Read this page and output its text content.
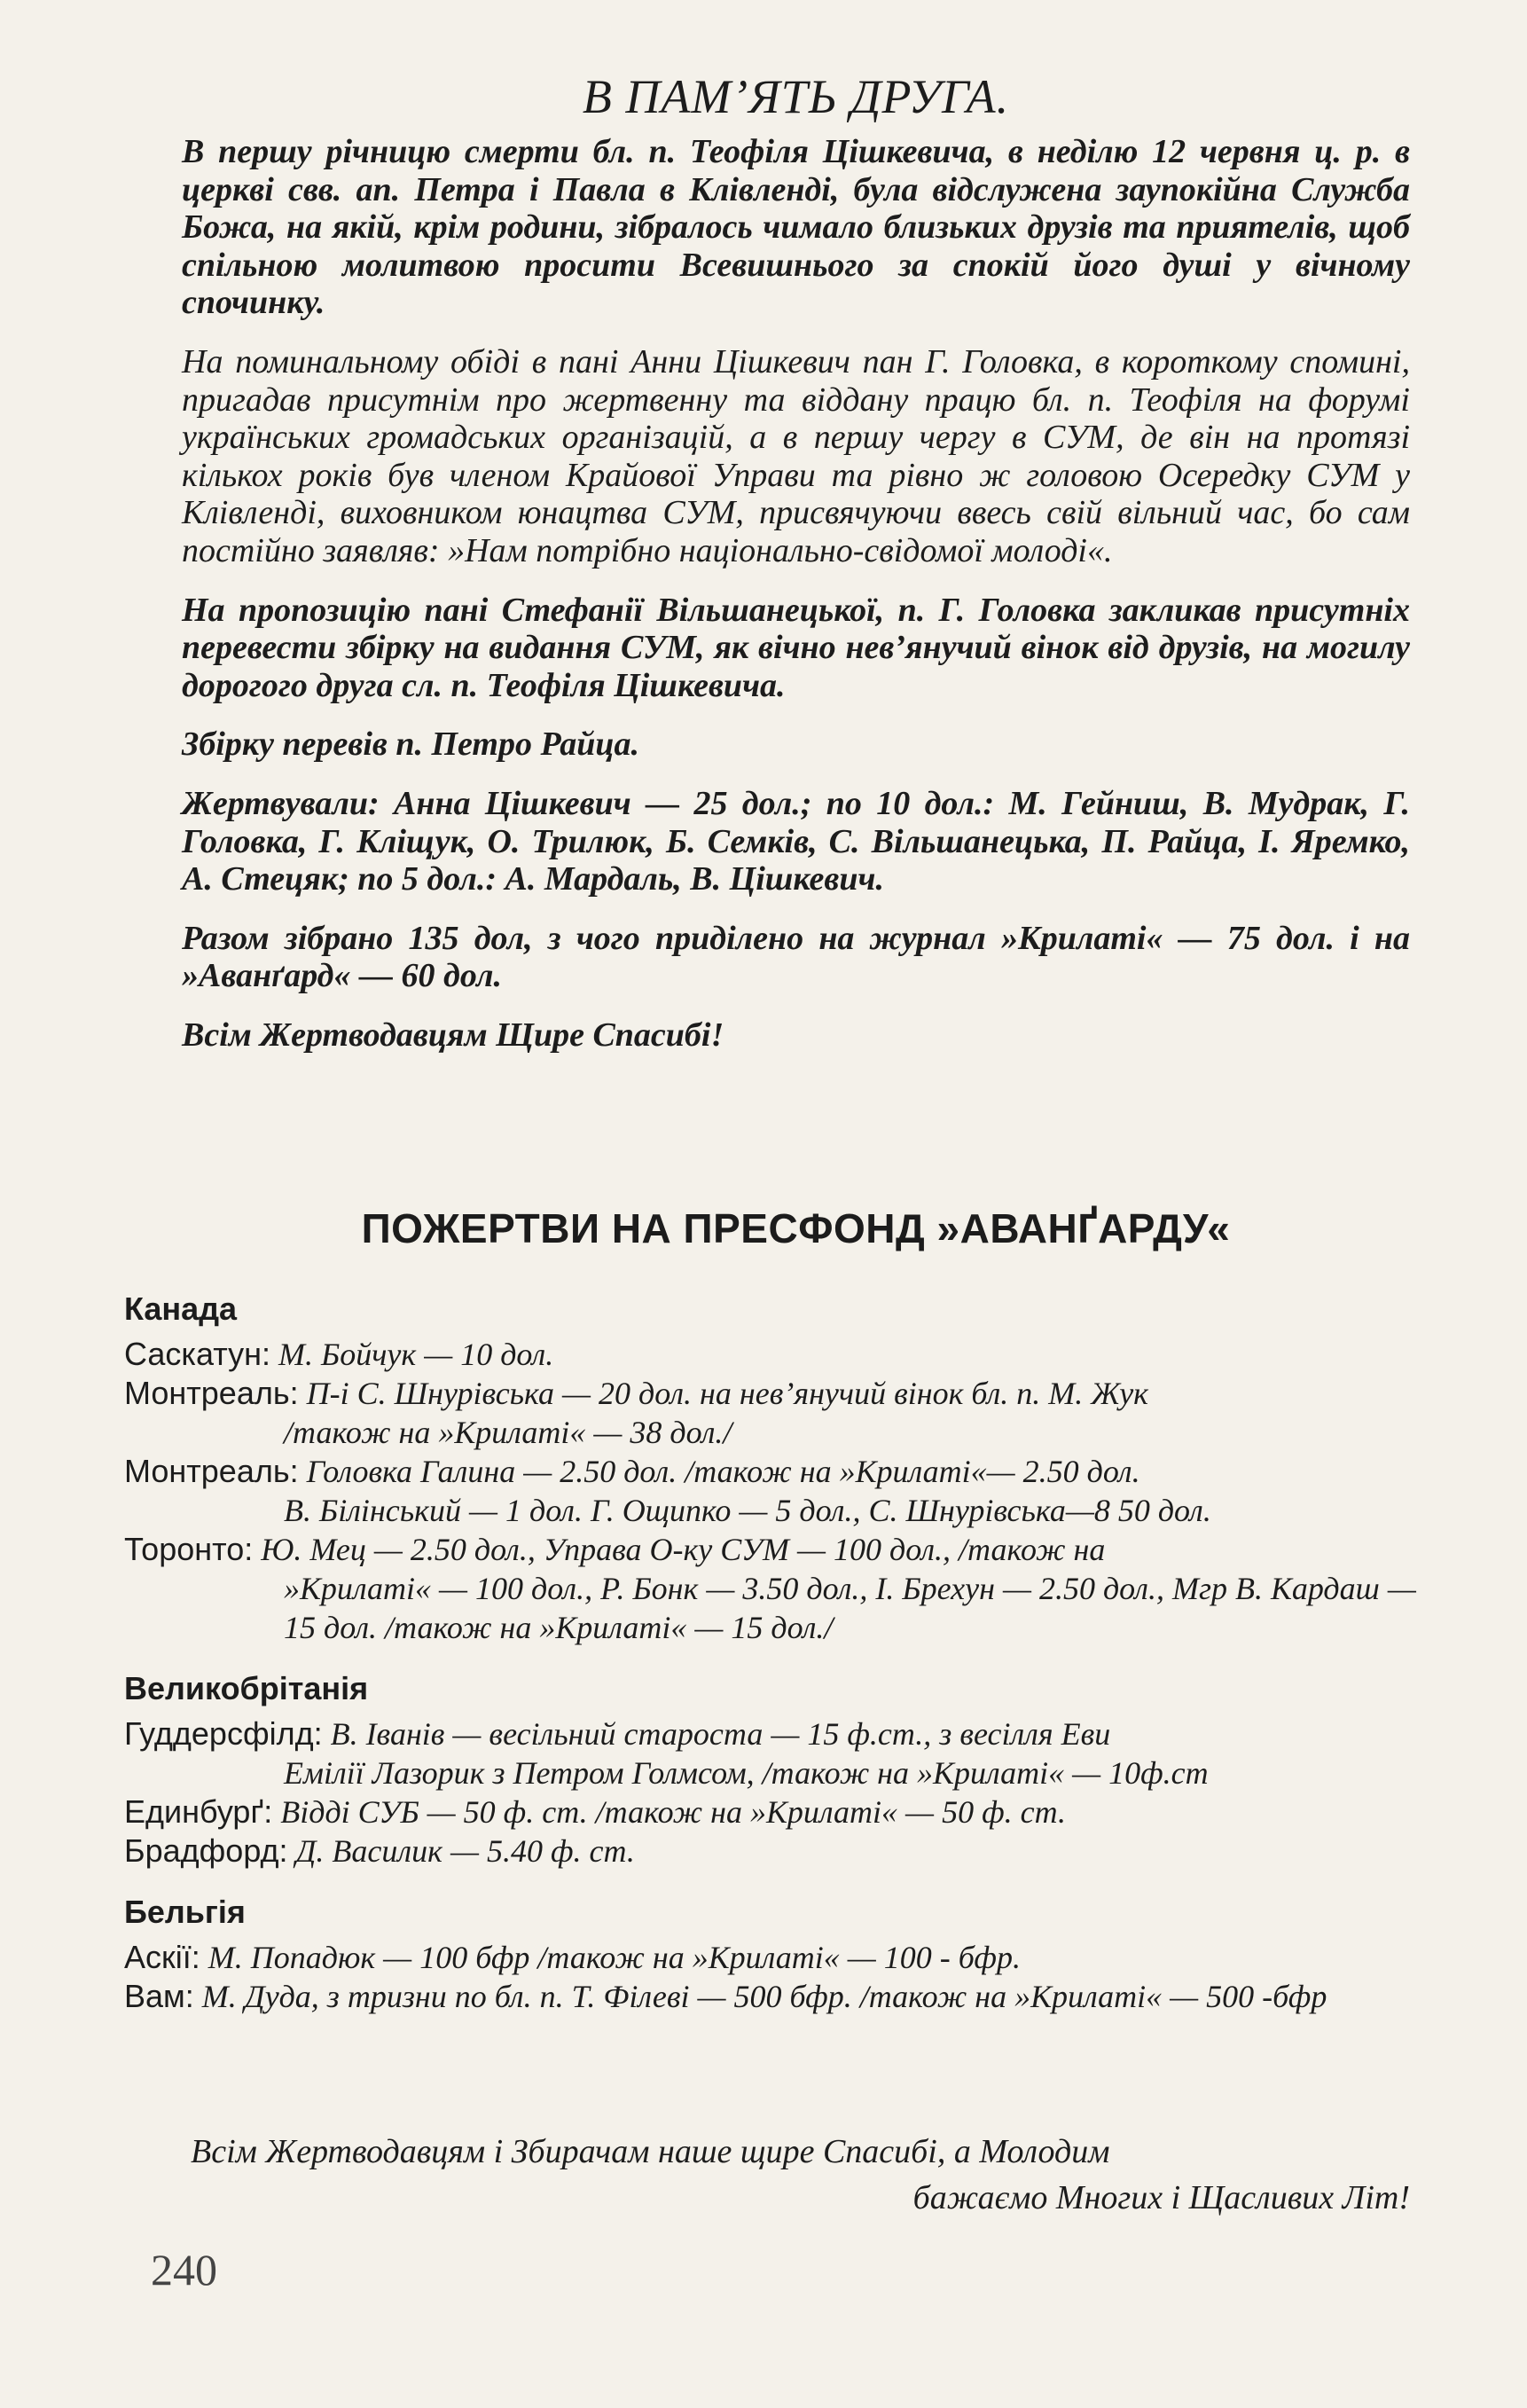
В ПАМ’ЯТЬ ДРУГА.

В першу річницю смерти бл. п. Теофіля Цішкевича, в неділю 12 червня ц. р. в церкві свв. ап. Петра і Павла в Клівленді, була відслужена заупокійна Служба Божа, на якій, крім родини, зібралось чимало близьких друзів та приятелів, щоб спільною молитвою просити Всевишнього за спокій його душі у вічному спочинку.

На поминальному обіді в пані Анни Цішкевич пан Г. Головка, в короткому спомині, пригадав присутнім про жертвенну та віддану працю бл. п. Теофіля на форумі українських громадських організацій, а в першу чергу в СУМ, де він на протязі кількох років був членом Крайової Управи та рівно ж головою Осередку СУМ у Клівленді, виховником юнацтва СУМ, присвячуючи ввесь свій вільний час, бо сам постійно заявляв: »Нам потрібно національно-свідомої молоді«.

На пропозицію пані Стефанії Вільшанецької, п. Г. Головка закликав присутніх перевести збірку на видання СУМ, як вічно нев’янучий вінок від друзів, на могилу дорогого друга сл. п. Теофіля Цішкевича.

Збірку перевів п. Петро Райца.

Жертвували: Анна Цішкевич — 25 дол.; по 10 дол.: М. Гейниш, В. Мудрак, Г. Головка, Г. Кліщук, О. Трилюк, Б. Семків, С. Вільшанецька, П. Райца, І. Яремко, А. Стецяк; по 5 дол.: А. Мардаль, В. Цішкевич.

Разом зібрано 135 дол, з чого приділено на журнал »Крилаті« — 75 дол. і на »Аванґард« — 60 дол.

Всім Жертводавцям Щире Спасибі!

ПОЖЕРТВИ НА ПРЕСФОНД »АВАНҐАРДУ«
Канада

Саскатун: М. Бойчук — 10 дол.

Монтреаль: П-і С. Шнурівська — 20 дол. на нев’янучий вінок бл. п. М. Жук
/також на »Крилаті« — 38 дол./

Монтреаль: Головка Галина — 2.50 дол. /також на »Крилаті«— 2.50 дол.
В. Білінський — 1 дол. Г. Ощипко — 5 дол., С. Шнурівська—8 50 дол.

Торонто: Ю. Мец — 2.50 дол., Управа О-ку СУМ — 100 дол., /також на
»Крилаті« — 100 дол., Р. Бонк — 3.50 дол., І. Брехун — 2.50 дол., Мгр В. Кардаш — 15 дол. /також на »Крилаті« — 15 дол./

Великобрітанія

Гуддерсфілд: В. Іванів — весільний староста — 15 ф.ст., з весілля Еви
Емілії Лазорик з Петром Голмсом, /також на »Крилаті« — 10ф.ст

Единбурґ: Відді СУБ — 50 ф. ст. /також на »Крилаті« — 50 ф. ст.

Брадфорд: Д. Василик — 5.40 ф. ст.

Бельгія

Аскії: М. Попадюк — 100 бфр /також на »Крилаті« — 100 - бфр.

Вам: М. Дуда, з тризни по бл. п. Т. Філеві — 500 бфр. /також на »Крилаті« — 500 -бфр

Всім Жертводавцям і Збирачам наше щире Спасибі, а Молодим
бажаємо Многих і Щасливих Літ!
240
